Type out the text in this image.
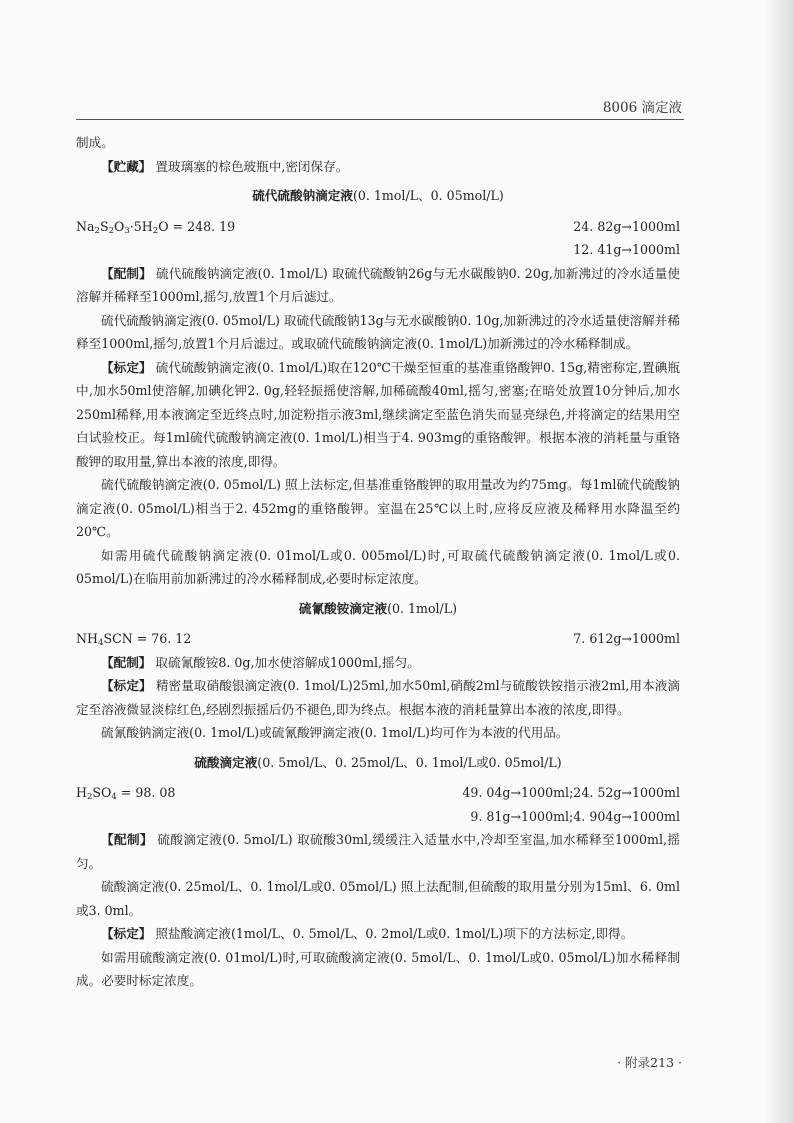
8006 滴定液

制成。

【贮藏】 置玻璃塞的棕色玻瓶中,密闭保存。

硫代硫酸钠滴定液(0. 1mol/L、0. 05mol/L)

$Na_2S_2O_3\cdot 5H_2O = 248$. 19	24. 82g→1000ml

12. 41g→1000ml

【配制】 硫代硫酸钠滴定液(0. 1mol/L) 取硫代硫酸钠26g与无水碳酸钠0. 20g,加新沸过的冷水适量使溶解并稀释至1000ml,摇匀,放置1个月后滤过。

硫代硫酸钠滴定液(0. 05mol/L) 取硫代硫酸钠13g与无水碳酸钠0. 10g,加新沸过的冷水适量使溶解并稀释至1000ml,摇匀,放置1个月后滤过。或取硫代硫酸钠滴定液(0. 1mol/L)加新沸过的冷水稀释制成。

【标定】 硫代硫酸钠滴定液(0. 1mol/L)取在120℃干燥至恒重的基准重铬酸钾0. 15g,精密称定,置碘瓶中,加水50ml使溶解,加碘化钾2. 0g,轻轻振摇使溶解,加稀硫酸40ml,摇匀,密塞;在暗处放置10分钟后,加水250ml稀释,用本液滴定至近终点时,加淀粉指示液3ml,继续滴定至蓝色消失而显亮绿色,并将滴定的结果用空白试验校正。每1ml硫代硫酸钠滴定液(0. 1mol/L)相当于4. 903mg的重铬酸钾。根据本液的消耗量与重铬酸钾的取用量,算出本液的浓度,即得。

硫代硫酸钠滴定液(0. 05mol/L) 照上法标定,但基准重铬酸钾的取用量改为约75mg。每1ml硫代硫酸钠滴定液(0. 05mol/L)相当于2. 452mg的重铬酸钾。室温在25℃以上时,应将反应液及稀释用水降温至约20℃。

如需用硫代硫酸钠滴定液(0. 01mol/L或0. 005mol/L)时,可取硫代硫酸钠滴定液(0. 1mol/L或0. 05mol/L)在临用前加新沸过的冷水稀释制成,必要时标定浓度。

硫氰酸铵滴定液(0. 1mol/L)

$NH_4SCN = 76$. 12	7. 612g→1000ml

【配制】 取硫氰酸铵8. 0g,加水使溶解成1000ml,摇匀。

【标定】 精密量取硝酸银滴定液(0. 1mol/L)25ml,加水50ml,硝酸2ml与硫酸铁铵指示液2ml,用本液滴定至溶液微显淡棕红色,经剧烈振摇后仍不褪色,即为终点。根据本液的消耗量算出本液的浓度,即得。

硫氰酸钠滴定液(0. 1mol/L)或硫氰酸钾滴定液(0. 1mol/L)均可作为本液的代用品。

硫酸滴定液(0. 5mol/L、0. 25mol/L、0. 1mol/L或0. 05mol/L)

$H_2SO_4 = 98$. 08	49. 04g→1000ml;24. 52g→1000ml

9. 81g→1000ml;4. 904g→1000ml

【配制】 硫酸滴定液(0. 5mol/L) 取硫酸30ml,缓缓注入适量水中,冷却至室温,加水稀释至1000ml,摇匀。

硫酸滴定液(0. 25mol/L、0. 1mol/L或0. 05mol/L) 照上法配制,但硫酸的取用量分别为15ml、6. 0ml或3. 0ml。

【标定】 照盐酸滴定液(1mol/L、0. 5mol/L、0. 2mol/L或0. 1mol/L)项下的方法标定,即得。

如需用硫酸滴定液(0. 01mol/L)时,可取硫酸滴定液(0. 5mol/L、0. 1mol/L或0. 05mol/L)加水稀释制成。必要时标定浓度。

· 附录213 ·
